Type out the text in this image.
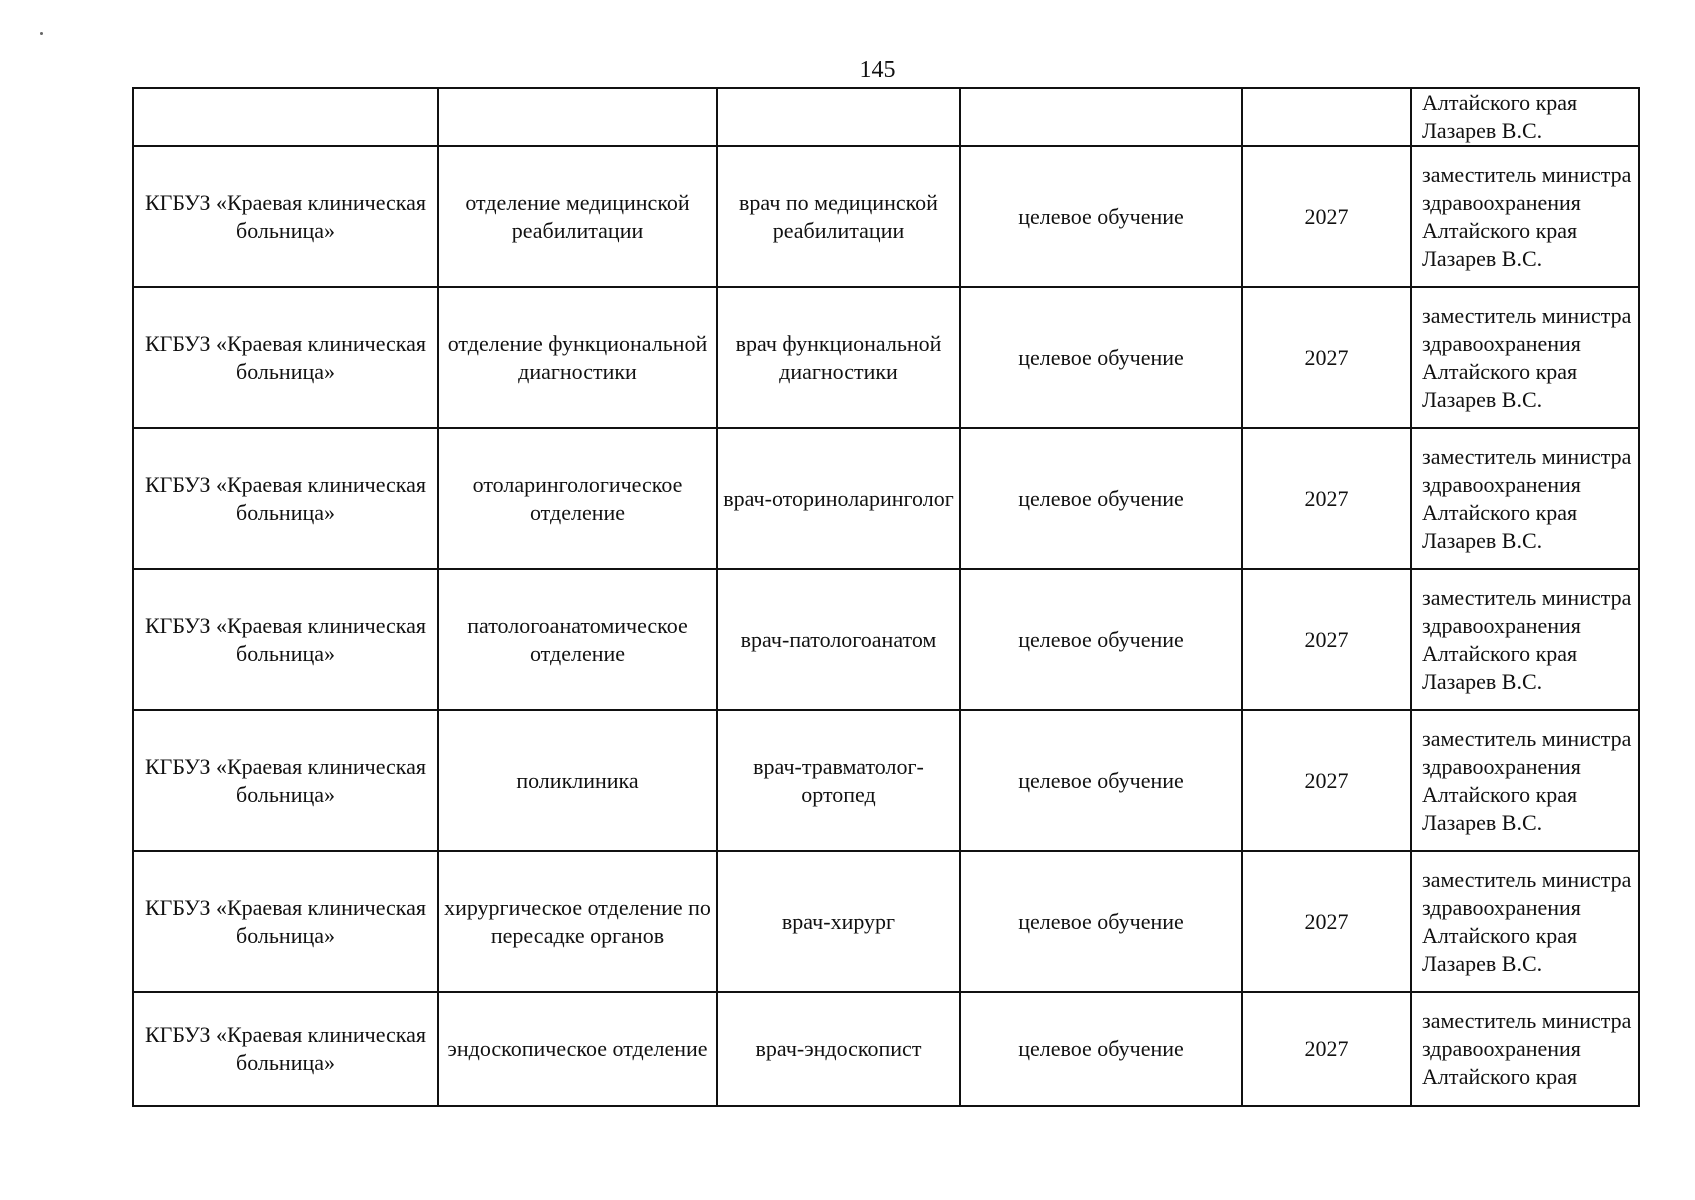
145
					Алтайского края Лазарев В.С.
КГБУЗ «Краевая клиническая больница»	отделение медицинской реабилитации	врач по медицинской реабилитации	целевое обучение	2027	заместитель министра здравоохранения Алтайского края Лазарев В.С.
КГБУЗ «Краевая клиническая больница»	отделение функциональной диагностики	врач функциональной диагностики	целевое обучение	2027	заместитель министра здравоохранения Алтайского края Лазарев В.С.
КГБУЗ «Краевая клиническая больница»	отоларингологическое отделение	врач-оториноларинголог	целевое обучение	2027	заместитель министра здравоохранения Алтайского края Лазарев В.С.
КГБУЗ «Краевая клиническая больница»	патологоанатомическое отделение	врач-патологоанатом	целевое обучение	2027	заместитель министра здравоохранения Алтайского края Лазарев В.С.
КГБУЗ «Краевая клиническая больница»	поликлиника	врач-травматолог-ортопед	целевое обучение	2027	заместитель министра здравоохранения Алтайского края Лазарев В.С.
КГБУЗ «Краевая клиническая больница»	хирургическое отделение по пересадке органов	врач-хирург	целевое обучение	2027	заместитель министра здравоохранения Алтайского края Лазарев В.С.
КГБУЗ «Краевая клиническая больница»	эндоскопическое отделение	врач-эндоскопист	целевое обучение	2027	заместитель министра здравоохранения Алтайского края
